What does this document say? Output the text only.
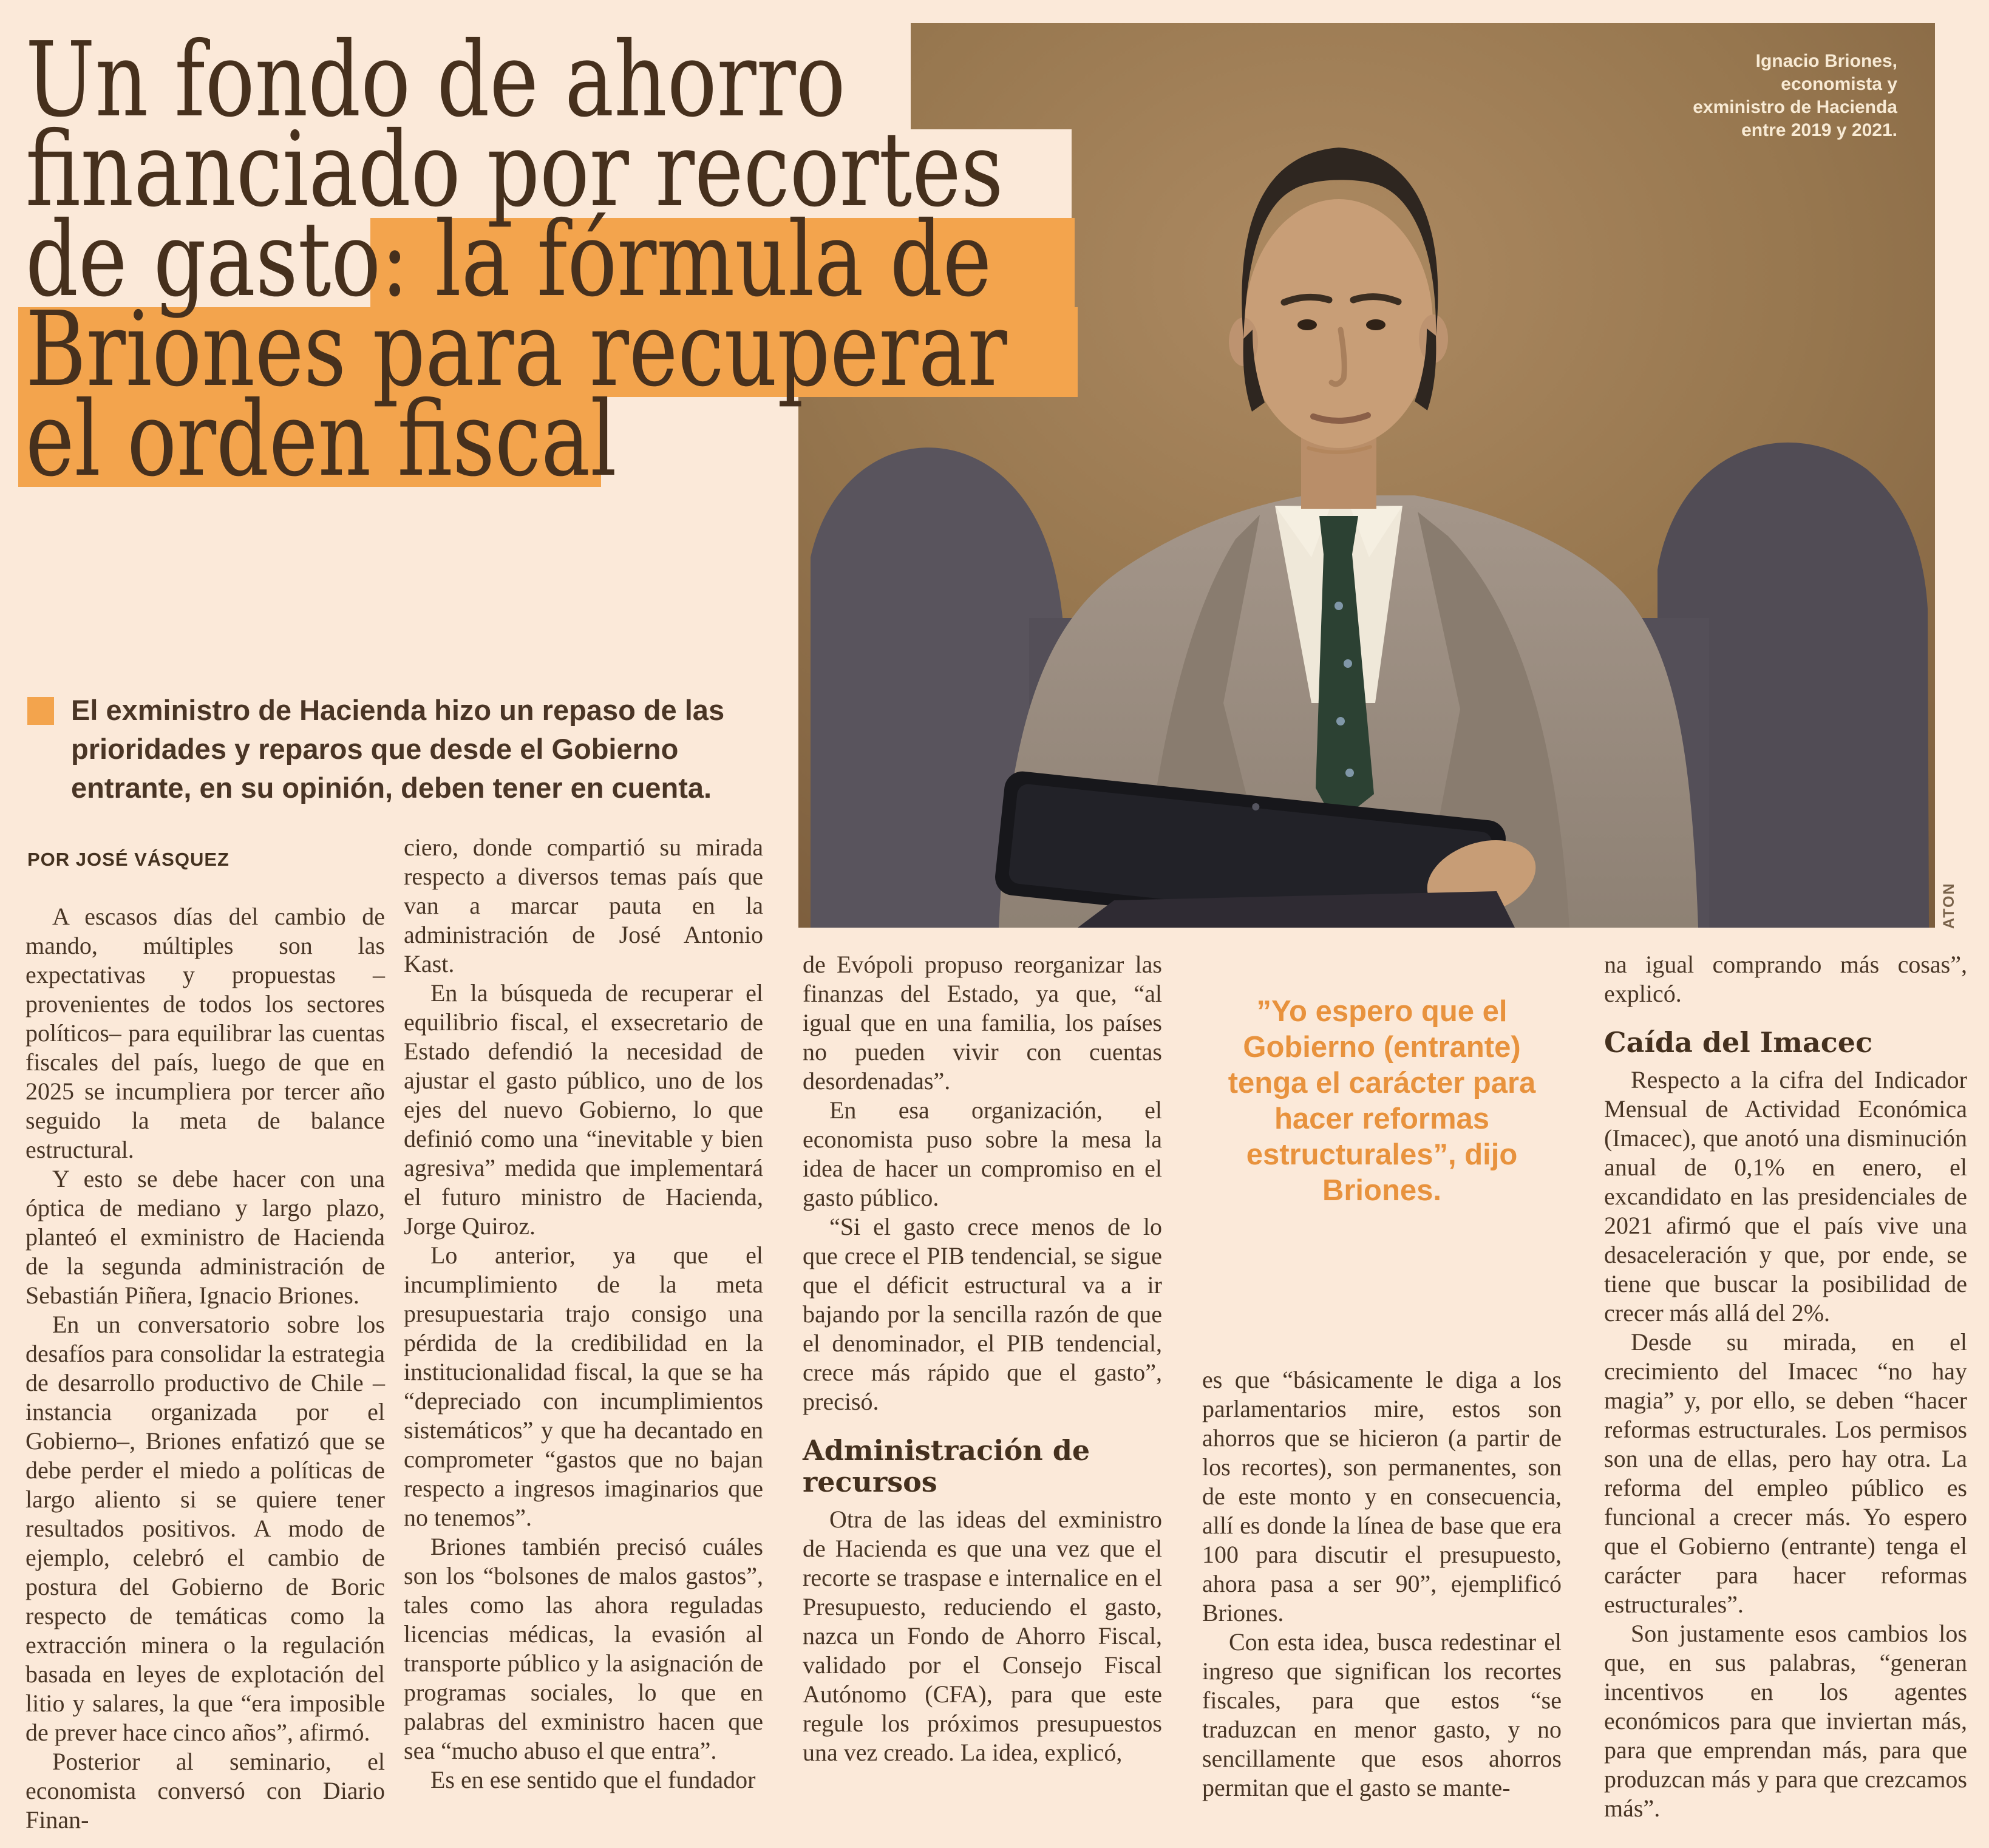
Ignacio Briones, economista y exministro de Hacienda entre 2019 y 2021.
ATON
Un fondo de ahorro
financiado por recortes
de gasto: la fórmula de
Briones para recuperar
el orden fiscal
El exministro de Hacienda hizo un repaso de las prioridades y reparos que desde el Gobierno entrante, en su opinión, deben tener en cuenta.
POR JOSÉ VÁSQUEZ

A escasos días del cambio de mando, múltiples son las expectativas y propuestas –provenientes de todos los sectores políticos– para equilibrar las cuentas fiscales del país, luego de que en 2025 se incumpliera por tercer año seguido la meta de balance estructural.

Y esto se debe hacer con una óptica de mediano y largo plazo, planteó el exministro de Hacienda de la segunda administración de Sebastián Piñera, Ignacio Briones.

En un conversatorio sobre los desafíos para consolidar la estrategia de desarrollo productivo de Chile –instancia organizada por el Gobierno–, Briones enfatizó que se debe perder el miedo a políticas de largo aliento si se quiere tener resultados positivos. A modo de ejemplo, celebró el cambio de postura del Gobierno de Boric respecto de temáticas como la extracción minera o la regulación basada en leyes de explotación del litio y salares, la que “era imposible de prever hace cinco años”, afirmó.

Posterior al seminario, el economista conversó con Diario Finan-

ciero, donde compartió su mirada respecto a diversos temas país que van a marcar pauta en la administración de José Antonio Kast.

En la búsqueda de recuperar el equilibrio fiscal, el exsecretario de Estado defendió la necesidad de ajustar el gasto público, uno de los ejes del nuevo Gobierno, lo que definió como una “inevitable y bien agresiva” medida que implementará el futuro ministro de Hacienda, Jorge Quiroz.

Lo anterior, ya que el incumplimiento de la meta presupuestaria trajo consigo una pérdida de la credibilidad en la institucionalidad fiscal, la que se ha “depreciado con incumplimientos sistemáticos” y que ha decantado en comprometer “gastos que no bajan respecto a ingresos imaginarios que no tenemos”.

Briones también precisó cuáles son los “bolsones de malos gastos”, tales como las ahora reguladas licencias médicas, la evasión al transporte público y la asignación de programas sociales, lo que en palabras del exministro hacen que sea “mucho abuso el que entra”.

Es en ese sentido que el fundador

de Evópoli propuso reorganizar las finanzas del Estado, ya que, “al igual que en una familia, los países no pueden vivir con cuentas desordenadas”.

En esa organización, el economista puso sobre la mesa la idea de hacer un compromiso en el gasto público.

“Si el gasto crece menos de lo que crece el PIB tendencial, se sigue que el déficit estructural va a ir bajando por la sencilla razón de que el denominador, el PIB tendencial, crece más rápido que el gasto”, precisó.

Administración de recursos

Otra de las ideas del exministro de Hacienda es que una vez que el recorte se traspase e internalice en el Presupuesto, reduciendo el gasto, nazca un Fondo de Ahorro Fiscal, validado por el Consejo Fiscal Autónomo (CFA), para que este regule los próximos presupuestos una vez creado. La idea, explicó,

”Yo espero que el Gobierno (entrante) tenga el carácter para hacer reformas estructurales”, dijo Briones.

es que “básicamente le diga a los parlamentarios mire, estos son ahorros que se hicieron (a partir de los recortes), son permanentes, son de este monto y en consecuencia, allí es donde la línea de base que era 100 para discutir el presupuesto, ahora pasa a ser 90”, ejemplificó Briones.

Con esta idea, busca redestinar el ingreso que significan los recortes fiscales, para que estos “se traduzcan en menor gasto, y no sencillamente que esos ahorros permitan que el gasto se mante-

na igual comprando más cosas”, explicó.

Caída del Imacec

Respecto a la cifra del Indicador Mensual de Actividad Económica (Imacec), que anotó una disminución anual de 0,1% en enero, el excandidato en las presidenciales de 2021 afirmó que el país vive una desaceleración y que, por ende, se tiene que buscar la posibilidad de crecer más allá del 2%.

Desde su mirada, en el crecimiento del Imacec “no hay magia” y, por ello, se deben “hacer reformas estructurales. Los permisos son una de ellas, pero hay otra. La reforma del empleo público es funcional a crecer más. Yo espero que el Gobierno (entrante) tenga el carácter para hacer reformas estructurales”.

Son justamente esos cambios los que, en sus palabras, “generan incentivos en los agentes económicos para que inviertan más, para que emprendan más, para que produzcan más y para que crezcamos más”.
